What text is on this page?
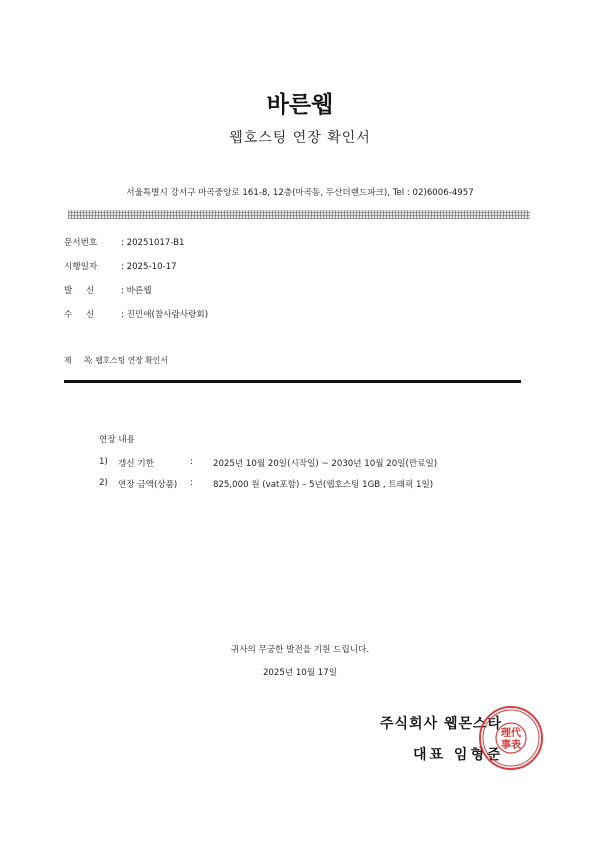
바른웹
웹호스팅 연장 확인서
서울특별시 강서구 마곡중앙로 161-8, 12층(마곡동, 두산더랜드파크), Tel : 02)6006-4957
문서번호	: 20251017-B1
시행일자	: 2025-10-17
발     신	: 바른웹
수     신	: 진민애(참사람사랑회)
제     목: 웹호스팅 연장 확인서
연장 내용
1) 갱신 기한	: 2025년 10월 20일(시작일) ~ 2030년 10월 20일(만료일)
2) 연장 금액(상품) : 825,000 원 (vat포함) – 5년(웹호스팅 1GB , 트래픽 1일)
귀사의 무궁한 발전을 기원 드립니다.
2025년 10월 17일
주식회사 웹몬스타
대표 임형준
理代
事表
